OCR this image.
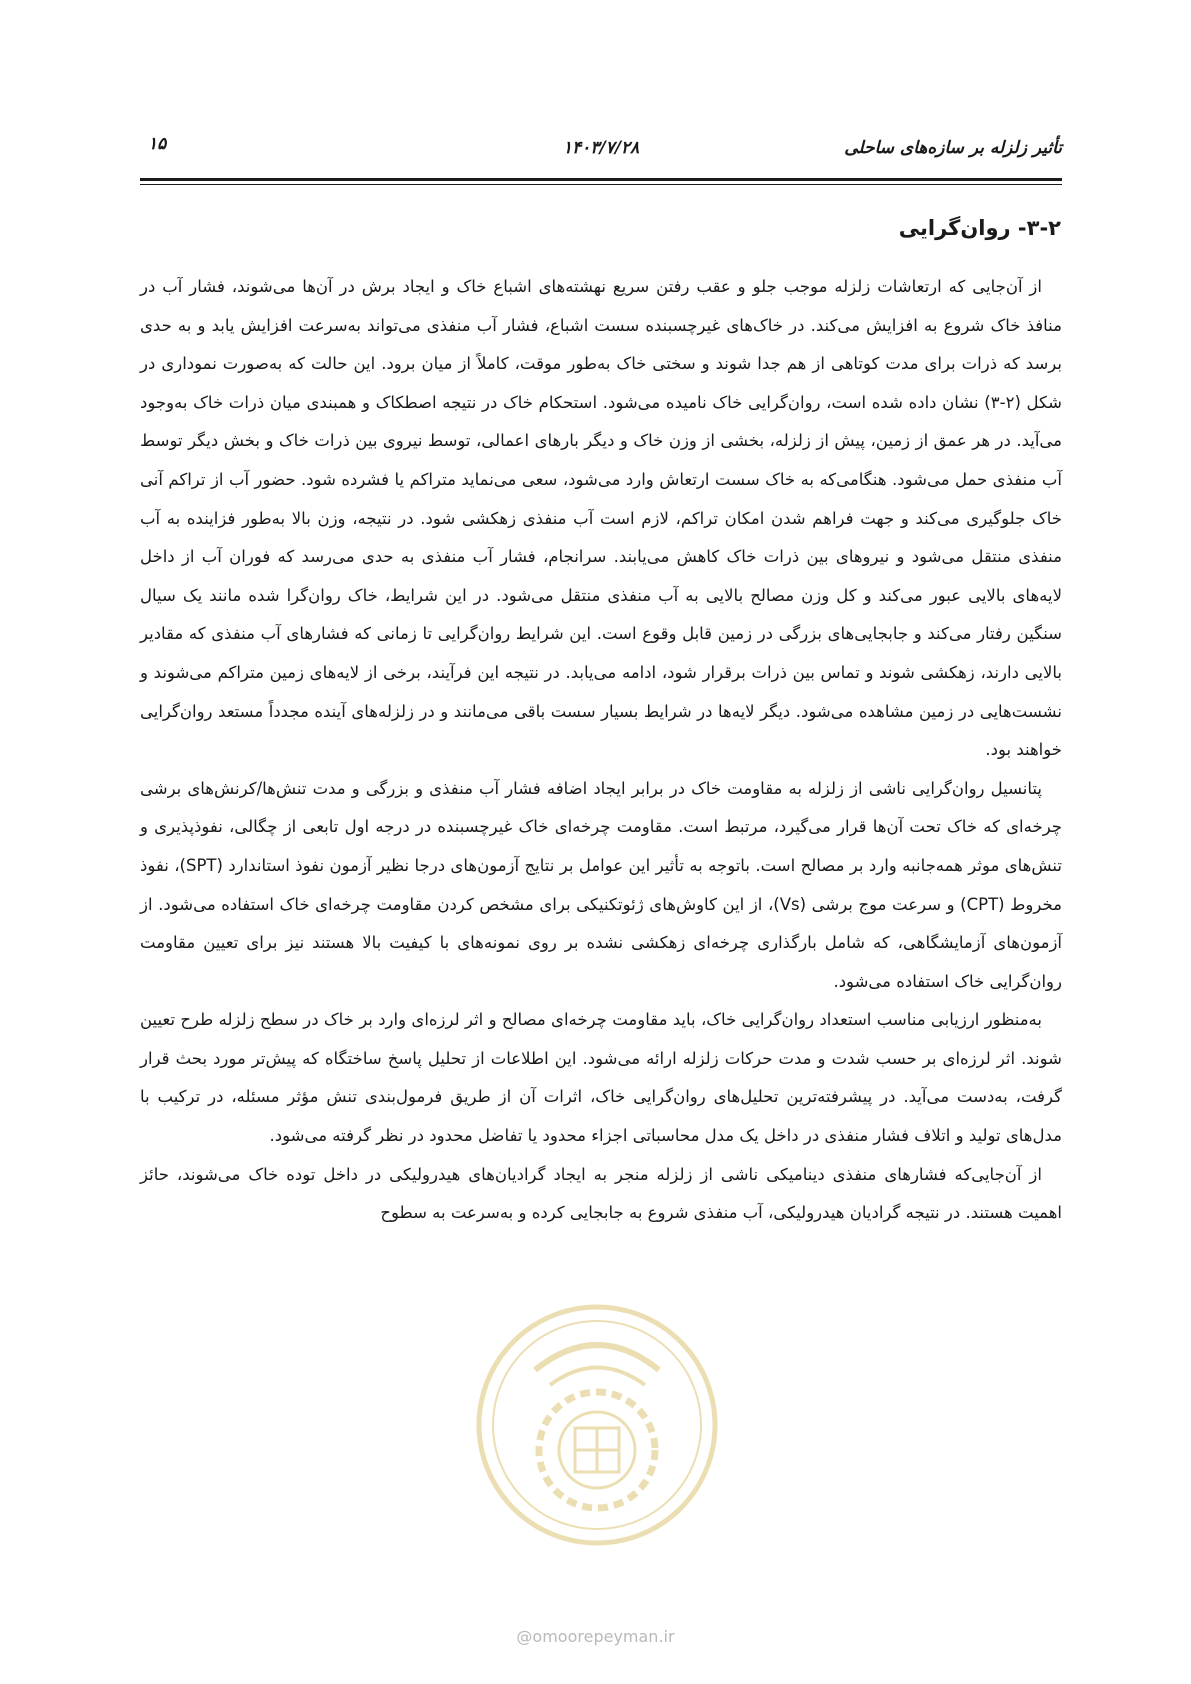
تأثیر زلزله بر سازه‌های ساحلی
۱۴۰۳/۷/۲۸
۱۵
۳-۲- روان‌گرایی

از آن‌جایی که ارتعاشات زلزله موجب جلو و عقب رفتن سریع نهشته‌های اشباع خاک و ایجاد برش در آن‌ها می‌شوند، فشار آب در منافذ خاک شروع به افزایش می‌کند. در خاک‌های غیرچسبنده سست اشباع، فشار آب منفذی می‌تواند به‌سرعت افزایش یابد و به حدی برسد که ذرات برای مدت کوتاهی از هم جدا شوند و سختی خاک به‌طور موقت، کاملاً از میان برود. این حالت که به‌صورت نموداری در شکل (۲-۳) نشان داده شده است، روان‌گرایی خاک نامیده می‌شود. استحکام خاک در نتیجه اصطکاک و همبندی میان ذرات خاک به‌وجود می‌آید. در هر عمق از زمین، پیش از زلزله، بخشی از وزن خاک و دیگر بارهای اعمالی، توسط نیروی بین ذرات خاک و بخش دیگر توسط آب منفذی حمل می‌شود. هنگامی‌که به خاک سست ارتعاش وارد می‌شود، سعی می‌نماید متراکم یا فشرده شود. حضور آب از تراکم آنی خاک جلوگیری می‌کند و جهت فراهم شدن امکان تراکم، لازم است آب منفذی زهکشی شود. در نتیجه، وزن بالا به‌طور فزاینده به آب منفذی منتقل می‌شود و نیروهای بین ذرات خاک کاهش می‌یابند. سرانجام، فشار آب منفذی به حدی می‌رسد که فوران آب از داخل لایه‌های بالایی عبور می‌کند و کل وزن مصالح بالایی به آب منفذی منتقل می‌شود. در این شرایط، خاک روان‌گرا شده مانند یک سیال سنگین رفتار می‌کند و جابجایی‌های بزرگی در زمین قابل وقوع است. این شرایط روان‌گرایی تا زمانی که فشارهای آب منفذی که مقادیر بالایی دارند، زهکشی شوند و تماس بین ذرات برقرار شود، ادامه می‌یابد. در نتیجه این فرآیند، برخی از لایه‌های زمین متراکم می‌شوند و نشست‌هایی در زمین مشاهده می‌شود. دیگر لایه‌ها در شرایط بسیار سست باقی می‌مانند و در زلزله‌های آینده مجدداً مستعد روان‌گرایی خواهند بود.

پتانسیل روان‌گرایی ناشی از زلزله به مقاومت خاک در برابر ایجاد اضافه فشار آب منفذی و بزرگی و مدت تنش‌ها/کرنش‌های برشی چرخه‌ای که خاک تحت آن‌ها قرار می‌گیرد، مرتبط است. مقاومت چرخه‌ای خاک غیرچسبنده در درجه اول تابعی از چگالی، نفوذپذیری و تنش‌های موثر همه‌جانبه وارد بر مصالح است. باتوجه به تأثیر این عوامل بر نتایج آزمون‌های درجا نظیر آزمون نفوذ استاندارد (SPT)، نفوذ مخروط (CPT) و سرعت موج برشی (Vs)، از این کاوش‌های ژئوتکنیکی برای مشخص کردن مقاومت چرخه‌ای خاک استفاده می‌شود. از آزمون‌های آزمایشگاهی، که شامل بارگذاری چرخه‌ای زهکشی نشده بر روی نمونه‌های با کیفیت بالا هستند نیز برای تعیین مقاومت روان‌گرایی خاک استفاده می‌شود.

به‌منظور ارزیابی مناسب استعداد روان‌گرایی خاک، باید مقاومت چرخه‌ای مصالح و اثر لرزه‌ای وارد بر خاک در سطح زلزله طرح تعیین شوند. اثر لرزه‌ای بر حسب شدت و مدت حرکات زلزله ارائه می‌شود. این اطلاعات از تحلیل پاسخ ساختگاه که پیش‌تر مورد بحث قرار گرفت، به‌دست می‌آید. در پیشرفته‌ترین تحلیل‌های روان‌گرایی خاک، اثرات آن از طریق فرمول‌بندی تنش مؤثر مسئله، در ترکیب با مدل‌های تولید و اتلاف فشار منفذی در داخل یک مدل محاسباتی اجزاء محدود یا تفاضل محدود در نظر گرفته می‌شود.

از آن‌جایی‌که فشارهای منفذی دینامیکی ناشی از زلزله منجر به ایجاد گرادیان‌های هیدرولیکی در داخل توده خاک می‌شوند، حائز اهمیت هستند. در نتیجه گرادیان هیدرولیکی، آب منفذی شروع به جابجایی کرده و به‌سرعت به سطوح

@omoorepeyman.ir
